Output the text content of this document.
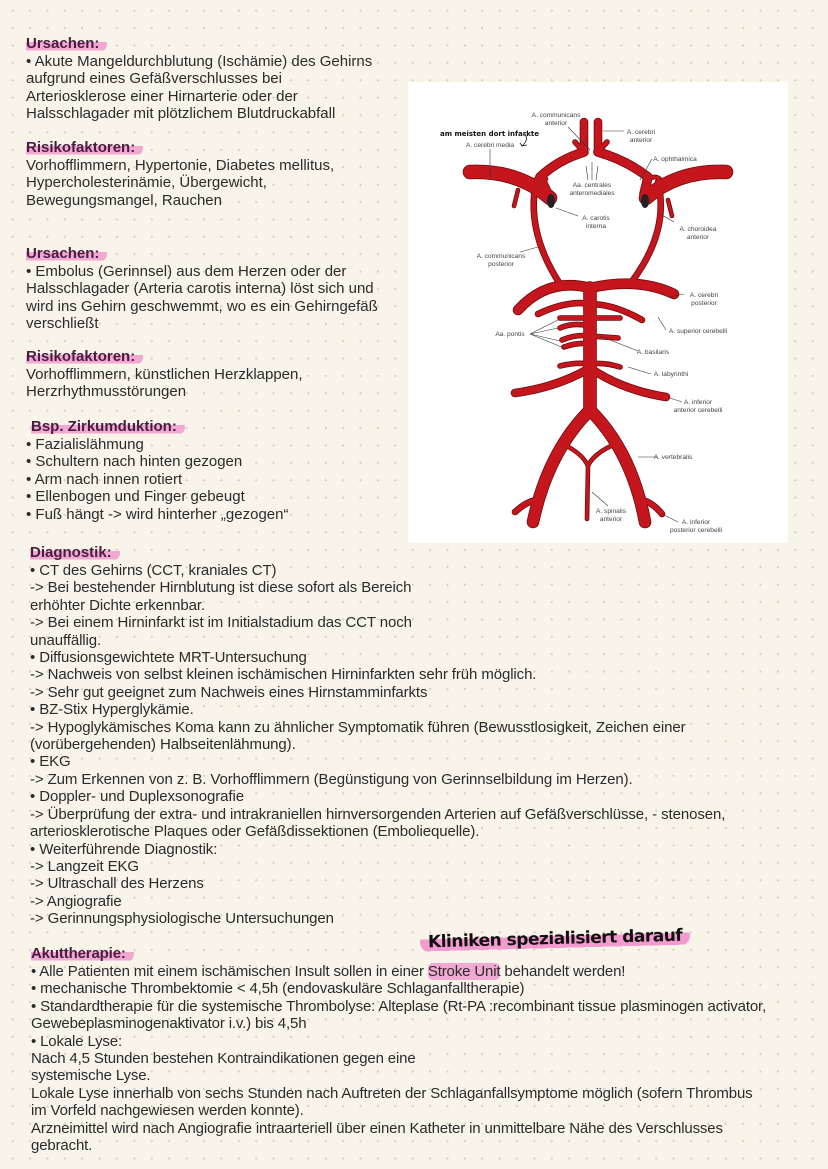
Ursachen:
• Akute Mangeldurchblutung (Ischämie) des Gehirns
aufgrund eines Gefäßverschlusses bei
Arteriosklerose einer Hirnarterie oder der
Halsschlagader mit plötzlichem Blutdruckabfall
Risikofaktoren:
Vorhofflimmern, Hypertonie, Diabetes mellitus,
Hypercholesterinämie, Übergewicht,
Bewegungsmangel, Rauchen
Ursachen:
• Embolus (Gerinnsel) aus dem Herzen oder der
Halsschlagader (Arteria carotis interna) löst sich und
wird ins Gehirn geschwemmt, wo es ein Gehirngefäß
verschließt
Risikofaktoren:
Vorhofflimmern, künstlichen Herzklappen,
Herzrhythmusstörungen
Bsp. Zirkumduktion:
• Fazialislähmung
• Schultern nach hinten gezogen
• Arm nach innen rotiert
• Ellenbogen und Finger gebeugt
• Fuß hängt -> wird hinterher „gezogen“
Diagnostik:
• CT des Gehirns (CCT, kraniales CT)
-> Bei bestehender Hirnblutung ist diese sofort als Bereich
erhöhter Dichte erkennbar.
-> Bei einem Hirninfarkt ist im Initialstadium das CCT noch
unauffällig.
• Diffusionsgewichtete MRT-Untersuchung
-> Nachweis von selbst kleinen ischämischen Hirninfarkten sehr früh möglich.
-> Sehr gut geeignet zum Nachweis eines Hirnstamminfarkts
• BZ-Stix Hyperglykämie.
-> Hypoglykämisches Koma kann zu ähnlicher Symptomatik führen (Bewusstlosigkeit, Zeichen einer
(vorübergehenden) Halbseitenlähmung).
• EKG
-> Zum Erkennen von z. B. Vorhofflimmern (Begünstigung von Gerinnselbildung im Herzen).
• Doppler- und Duplexsonografie
-> Überprüfung der extra- und intrakraniellen hirnversorgenden Arterien auf Gefäßverschlüsse, - stenosen,
arteriosklerotische Plaques oder Gefäßdissektionen (Emboliequelle).
• Weiterführende Diagnostik:
-> Langzeit EKG
-> Ultraschall des Herzens
-> Angiografie
-> Gerinnungsphysiologische Untersuchungen
Akuttherapie:
• Alle Patienten mit einem ischämischen Insult sollen in einer Stroke Unit behandelt werden!
• mechanische Thrombektomie < 4,5h (endovaskuläre Schlaganfalltherapie)
• Standardtherapie für die systemische Thrombolyse: Alteplase (Rt-PA :recombinant tissue plasminogen activator,
Gewebeplasminogenaktivator i.v.) bis 4,5h
• Lokale Lyse:
Nach 4,5 Stunden bestehen Kontraindikationen gegen eine
systemische Lyse.
Lokale Lyse innerhalb von sechs Stunden nach Auftreten der Schlaganfallsymptome möglich (sofern Thrombus
im Vorfeld nachgewiesen werden konnte).
Arzneimittel wird nach Angiografie intraarteriell über einen Katheter in unmittelbare Nähe des Verschlusses
gebracht.
Kliniken spezialisiert darauf
am meisten dort infarkte
A. communicans
anterior
A. cerebri media
A. cerebri
anterior
A. ophthalmica
Aa. centrales
anteromediales
A. carotis
interna	A. choroidea
anterior
A. communicans
posterior
A. cerebri
posterior
Aa. pontis	A. superior cerebelli
A. basilaris
A. labyrinthi
A. inferior
anterior cerebelli
A. vertebralis
A. spinalis
anterior	A. inferior
posterior cerebelli
